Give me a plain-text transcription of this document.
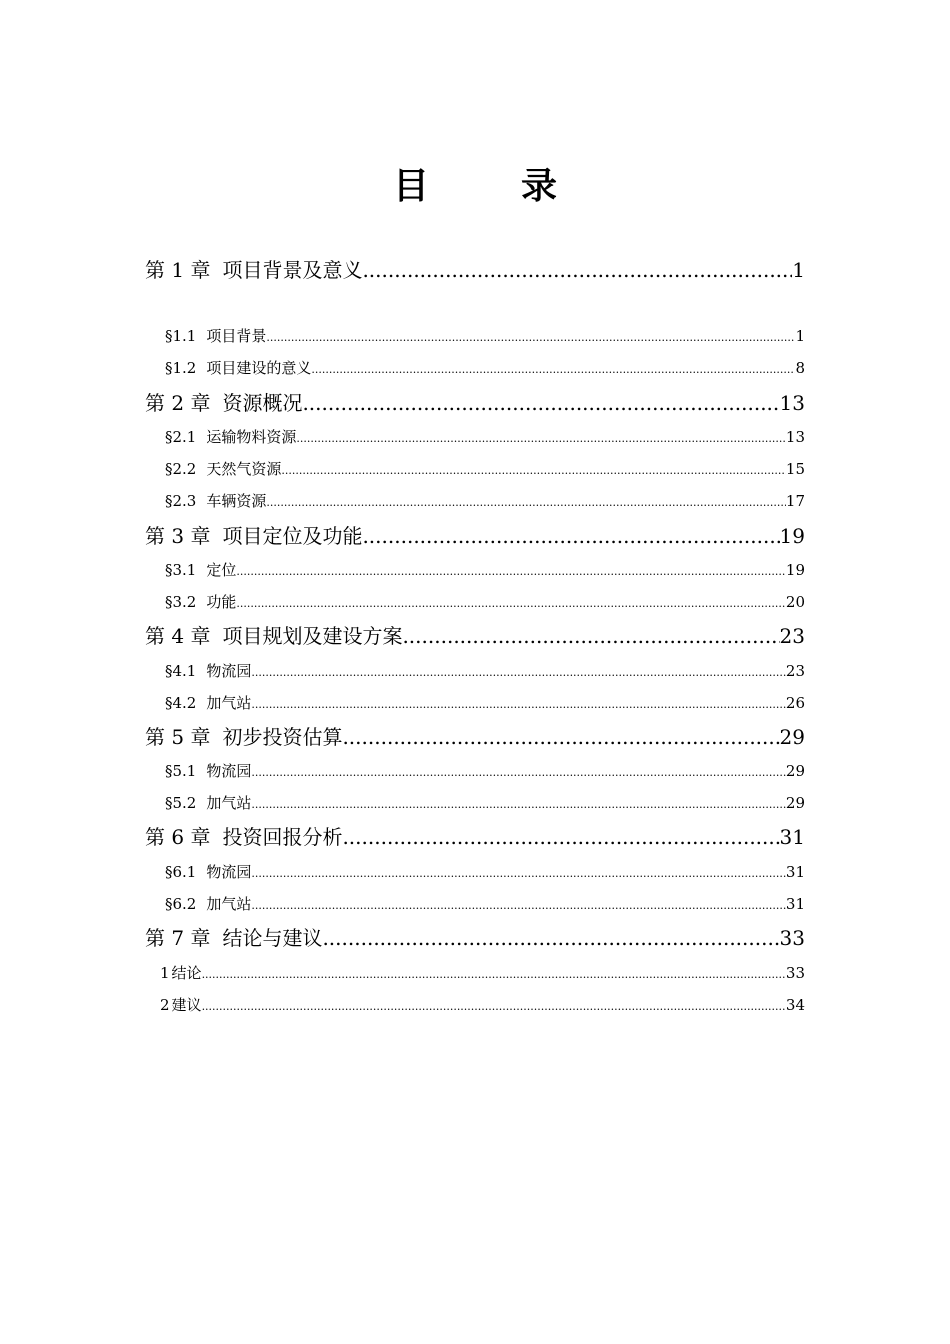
目　录
第 1 章 项目背景及意义 .....	1
§1.1 项目背景 .....	1
§1.2 项目建设的意义 .....	8
第 2 章 资源概况 .....	13
§2.1 运输物料资源 .....	13
§2.2 天然气资源 .....	15
§2.3 车辆资源 .....	17
第 3 章 项目定位及功能 .....	19
§3.1 定位 .....	19
§3.2 功能 .....	20
第 4 章 项目规划及建设方案 .....	23
§4.1 物流园 .....	23
§4.2 加气站 .....	26
第 5 章 初步投资估算 .....	29
§5.1 物流园 .....	29
§5.2 加气站 .....	29
第 6 章 投资回报分析 .....	31
§6.1 物流园 .....	31
§6.2 加气站 .....	31
第 7 章 结论与建议 .....	33
1 结论 .....	33
2 建议 .....	34
